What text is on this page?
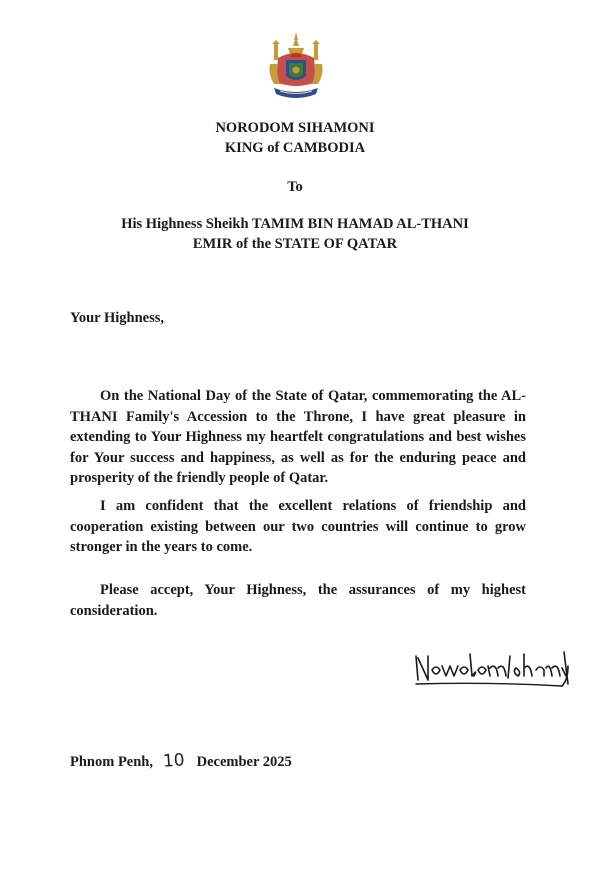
NORODOM SIHAMONI
KING of CAMBODIA
To
His Highness Sheikh TAMIM BIN HAMAD AL-THANI
EMIR of the STATE OF QATAR
Your Highness,

On the National Day of the State of Qatar, commemorating the AL-THANI Family's Accession to the Throne, I have great pleasure in extending to Your Highness my heartfelt congratulations and best wishes for Your success and happiness, as well as for the enduring peace and prosperity of the friendly people of Qatar.

I am confident that the excellent relations of friendship and cooperation existing between our two countries will continue to grow stronger in the years to come.

Please accept, Your Highness, the assurances of my highest consideration.

Phnom Penh, 10 December 2025
